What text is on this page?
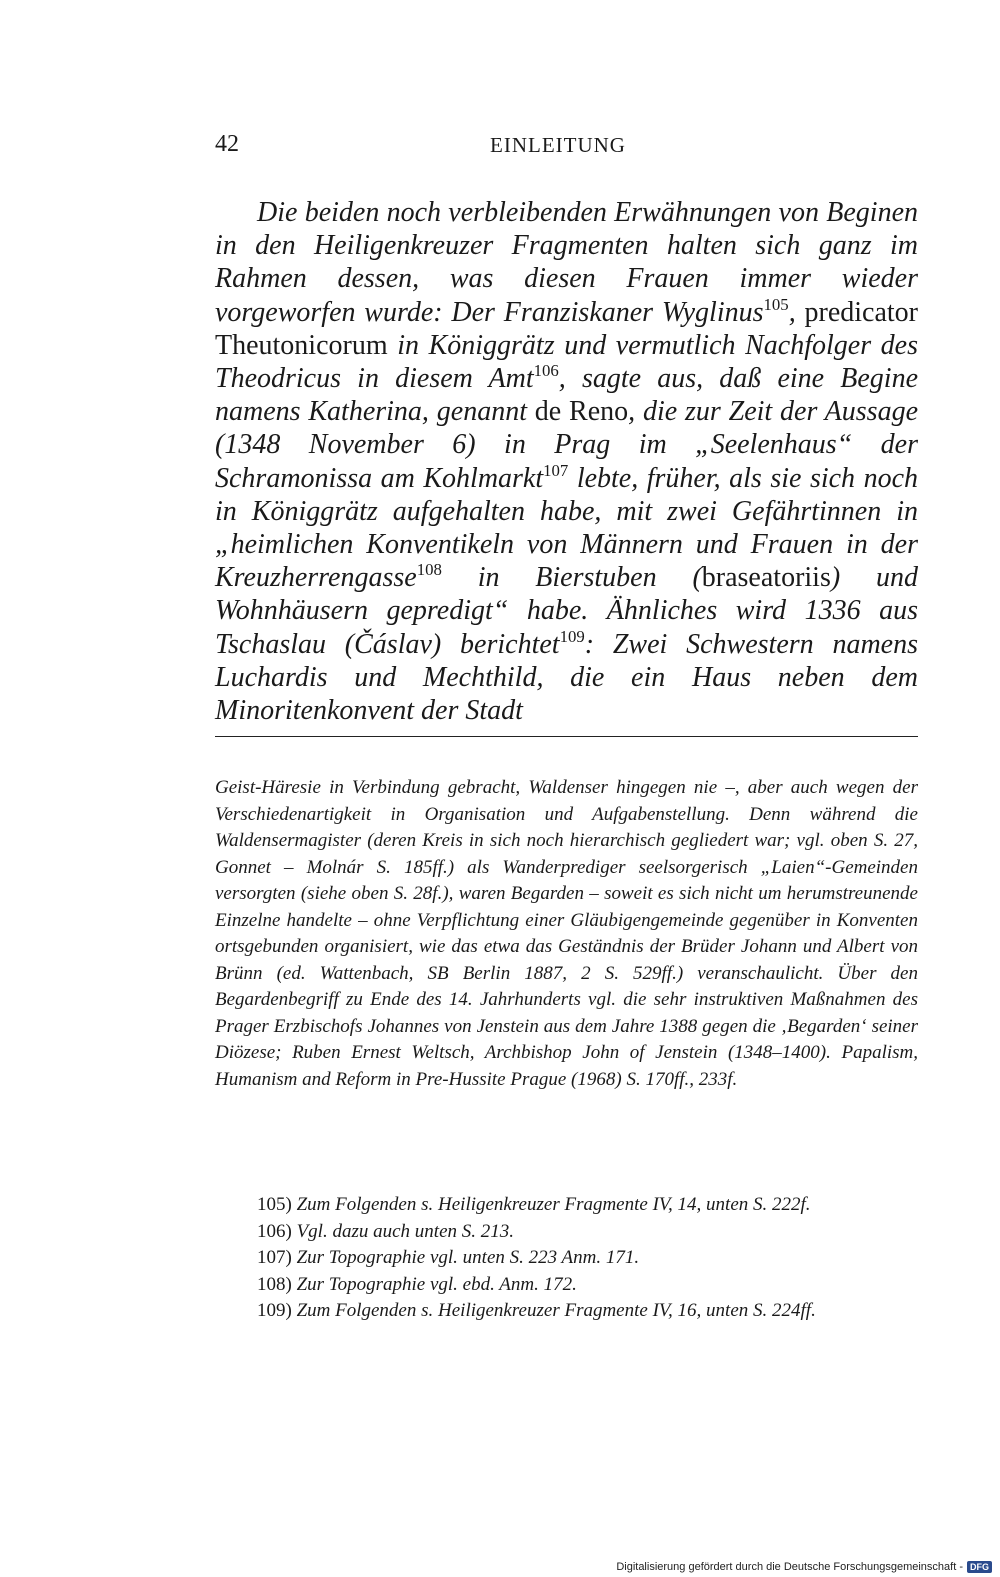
42	EINLEITUNG

Die beiden noch verbleibenden Erwähnungen von Beginen in den Heiligenkreuzer Fragmenten halten sich ganz im Rahmen dessen, was diesen Frauen immer wieder vorgeworfen wurde: Der Franziskaner Wyglinus$^{105}$, predicator Theutonicorum in Königgrätz und vermutlich Nachfolger des Theodricus in diesem Amt$^{106}$, sagte aus, daß eine Begine namens Katherina, genannt de Reno, die zur Zeit der Aussage (1348 November 6) in Prag im „Seelenhaus“ der Schramonissa am Kohlmarkt$^{107}$ lebte, früher, als sie sich noch in Königgrätz aufgehalten habe, mit zwei Gefährtinnen in „heimlichen Konventikeln von Männern und Frauen in der Kreuzherrengasse$^{108}$ in Bierstuben (braseatoriis) und Wohnhäusern gepredigt“ habe. Ähnliches wird 1336 aus Tschaslau (Čáslav) berichtet$^{109}$: Zwei Schwestern namens Luchardis und Mechthild, die ein Haus neben dem Minoritenkonvent der Stadt

Geist-Häresie in Verbindung gebracht, Waldenser hingegen nie –, aber auch wegen der Verschiedenartigkeit in Organisation und Aufgabenstellung. Denn während die Waldensermagister (deren Kreis in sich noch hierarchisch gegliedert war; vgl. oben S. 27, Gonnet – Molnár S. 185ff.) als Wanderprediger seelsorgerisch „Laien“-Gemeinden versorgten (siehe oben S. 28f.), waren Begarden – soweit es sich nicht um herumstreunende Einzelne handelte – ohne Verpflichtung einer Gläubigengemeinde gegenüber in Konventen ortsgebunden organisiert, wie das etwa das Geständnis der Brüder Johann und Albert von Brünn (ed. Wattenbach, SB Berlin 1887, 2 S. 529ff.) veranschaulicht. Über den Begardenbegriff zu Ende des 14. Jahrhunderts vgl. die sehr instruktiven Maßnahmen des Prager Erzbischofs Johannes von Jenstein aus dem Jahre 1388 gegen die ‚Begarden‘ seiner Diözese; Ruben Ernest Weltsch, Archbishop John of Jenstein (1348–1400). Papalism, Humanism and Reform in Pre-Hussite Prague (1968) S. 170ff., 233f.

105) Zum Folgenden s. Heiligenkreuzer Fragmente IV, 14, unten S. 222f.

106) Vgl. dazu auch unten S. 213.

107) Zur Topographie vgl. unten S. 223 Anm. 171.

108) Zur Topographie vgl. ebd. Anm. 172.

109) Zum Folgenden s. Heiligenkreuzer Fragmente IV, 16, unten S. 224ff.

Digitalisierung gefördert durch die Deutsche Forschungsgemeinschaft - DFG
